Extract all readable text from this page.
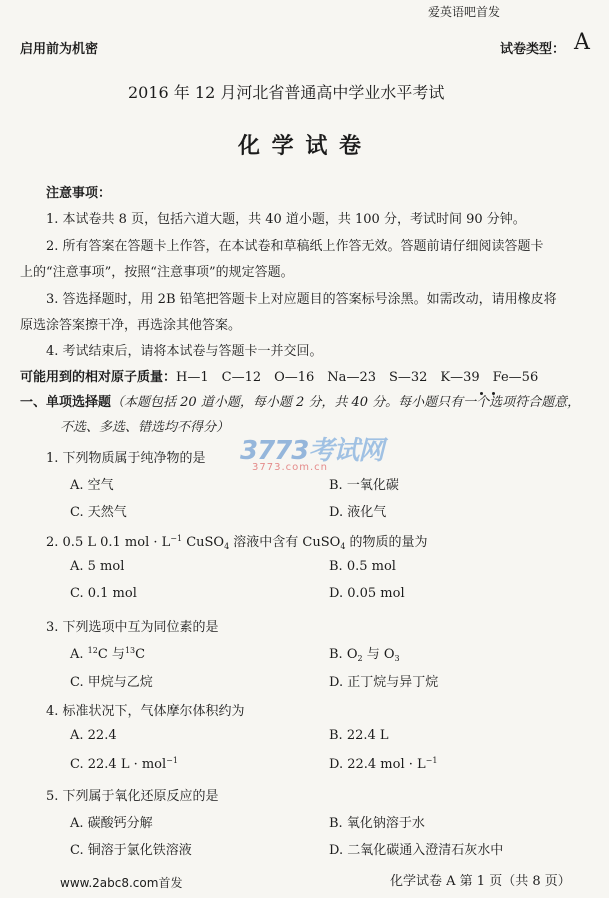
爱英语吧首发
启用前为机密	试卷类型： A
2016 年 12 月河北省普通高中学业水平考试
化 学 试 卷
注意事项：
1. 本试卷共 8 页，包括六道大题，共 40 道小题，共 100 分，考试时间 90 分钟。
2. 所有答案在答题卡上作答，在本试卷和草稿纸上作答无效。答题前请仔细阅读答题卡
上的“注意事项”，按照“注意事项”的规定答题。
3. 答选择题时，用 2B 铅笔把答题卡上对应题目的答案标号涂黑。如需改动，请用橡皮将
原选涂答案擦干净，再选涂其他答案。
4. 考试结束后，请将本试卷与答题卡一并交回。
可能用到的相对原子质量：H—1　C—12　O—16　Na—23　S—32　K—39　Fe—56
一、单项选择题（本题包括 20 道小题，每小题 2 分，共 40 分。每小题只有一个选项符合题意，
不选、多选、错选均不得分）
3773考试网
3773.com.cn
1. 下列物质属于纯净物的是
A. 空气	B. 一氧化碳
C. 天然气	D. 液化气
2. 0.5 L 0.1 mol · $L^{-1}$ CuSO$_4$ 溶液中含有 CuSO$_4$ 的物质的量为
A. 5 mol	B. 0.5 mol
C. 0.1 mol	D. 0.05 mol
3. 下列选项中互为同位素的是
A. $^{12}$C 与$^{13}$C	B. $O_2$ 与 $O_3$
C. 甲烷与乙烷	D. 正丁烷与异丁烷
4. 标准状况下，气体摩尔体积约为
A. 22.4	B. 22.4 L
C. 22.4 L · mol$^{-1}$	D. 22.4 mol · $L^{-1}$
5. 下列属于氧化还原反应的是
A. 碳酸钙分解	B. 氧化钠溶于水
C. 铜溶于氯化铁溶液	D. 二氧化碳通入澄清石灰水中
www.2abc8.com首发	化学试卷 A 第 1 页（共 8 页）
